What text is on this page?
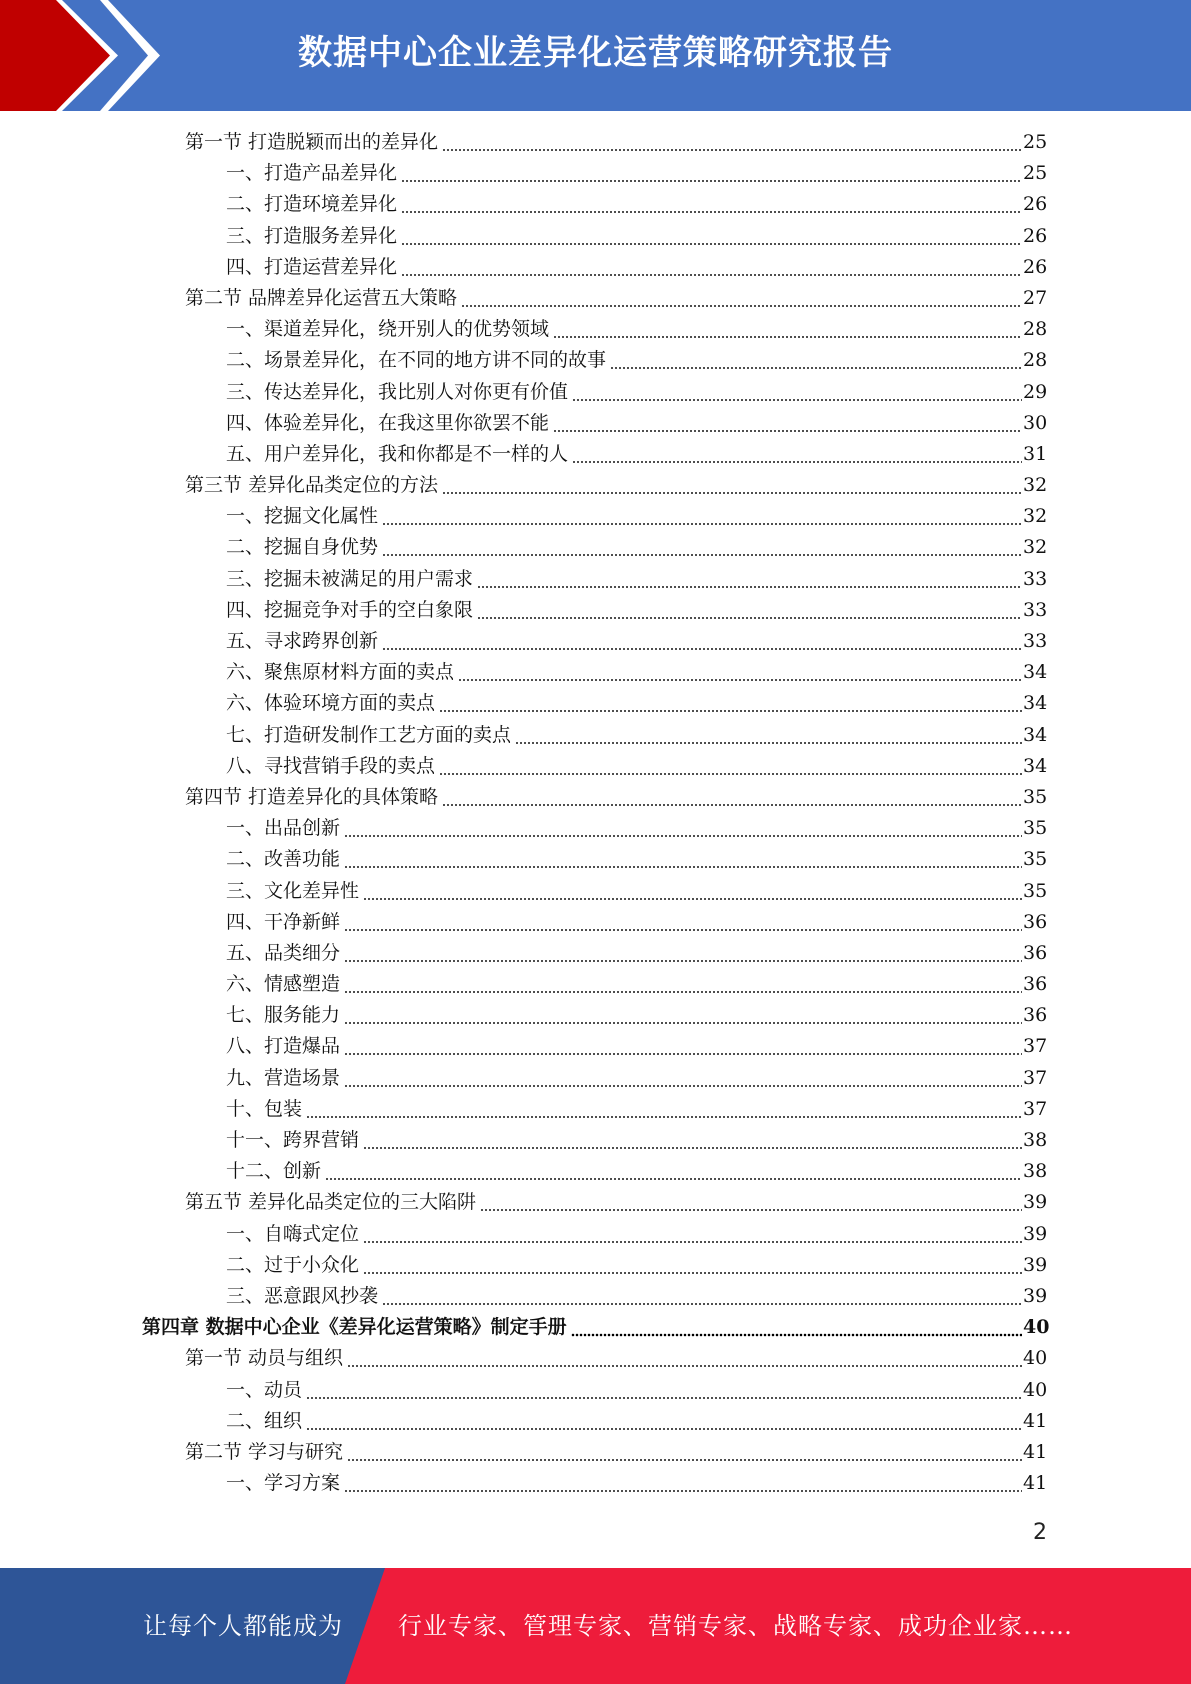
数据中心企业差异化运营策略研究报告
第一节 打造脱颖而出的差异化	25
一、打造产品差异化	25
二、打造环境差异化	26
三、打造服务差异化	26
四、打造运营差异化	26
第二节 品牌差异化运营五大策略	27
一、渠道差异化，绕开别人的优势领域	28
二、场景差异化，在不同的地方讲不同的故事	28
三、传达差异化，我比别人对你更有价值	29
四、体验差异化，在我这里你欲罢不能	30
五、用户差异化，我和你都是不一样的人	31
第三节 差异化品类定位的方法	32
一、挖掘文化属性	32
二、挖掘自身优势	32
三、挖掘未被满足的用户需求	33
四、挖掘竞争对手的空白象限	33
五、寻求跨界创新	33
六、聚焦原材料方面的卖点	34
六、体验环境方面的卖点	34
七、打造研发制作工艺方面的卖点	34
八、寻找营销手段的卖点	34
第四节 打造差异化的具体策略	35
一、出品创新	35
二、改善功能	35
三、文化差异性	35
四、干净新鲜	36
五、品类细分	36
六、情感塑造	36
七、服务能力	36
八、打造爆品	37
九、营造场景	37
十、包装	37
十一、跨界营销	38
十二、创新	38
第五节 差异化品类定位的三大陷阱	39
一、自嗨式定位	39
二、过于小众化	39
三、恶意跟风抄袭	39
第四章 数据中心企业《差异化运营策略》制定手册	40
第一节 动员与组织	40
一、动员	40
二、组织	41
第二节 学习与研究	41
一、学习方案	41
2
让每个人都能成为 行业专家、管理专家、营销专家、战略专家、成功企业家……
